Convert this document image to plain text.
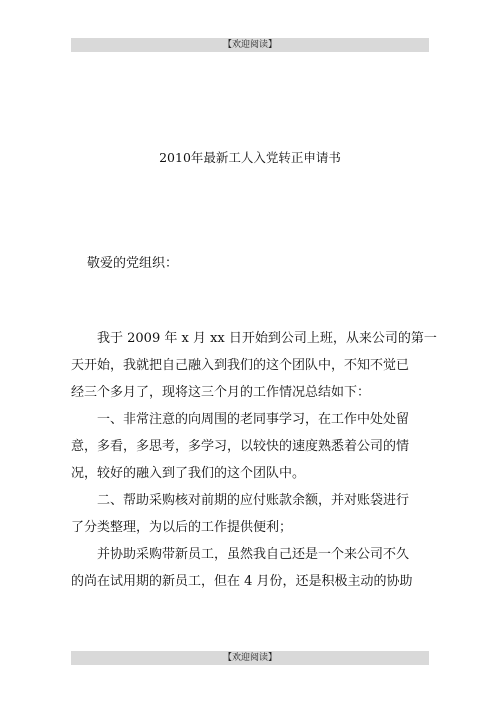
【欢迎阅读】
2010年最新工人入党转正申请书
敬爱的党组织：
我于 2009 年 x 月 xx 日开始到公司上班，从来公司的第一
天开始，我就把自己融入到我们的这个团队中，不知不觉已
经三个多月了，现将这三个月的工作情况总结如下：
一、非常注意的向周围的老同事学习，在工作中处处留
意，多看，多思考，多学习，以较快的速度熟悉着公司的情
况，较好的融入到了我们的这个团队中。
二、帮助采购核对前期的应付账款余额，并对账袋进行
了分类整理，为以后的工作提供便利；
并协助采购带新员工，虽然我自己还是一个来公司不久
的尚在试用期的新员工，但在 4 月份，还是积极主动的协助
【欢迎阅读】
